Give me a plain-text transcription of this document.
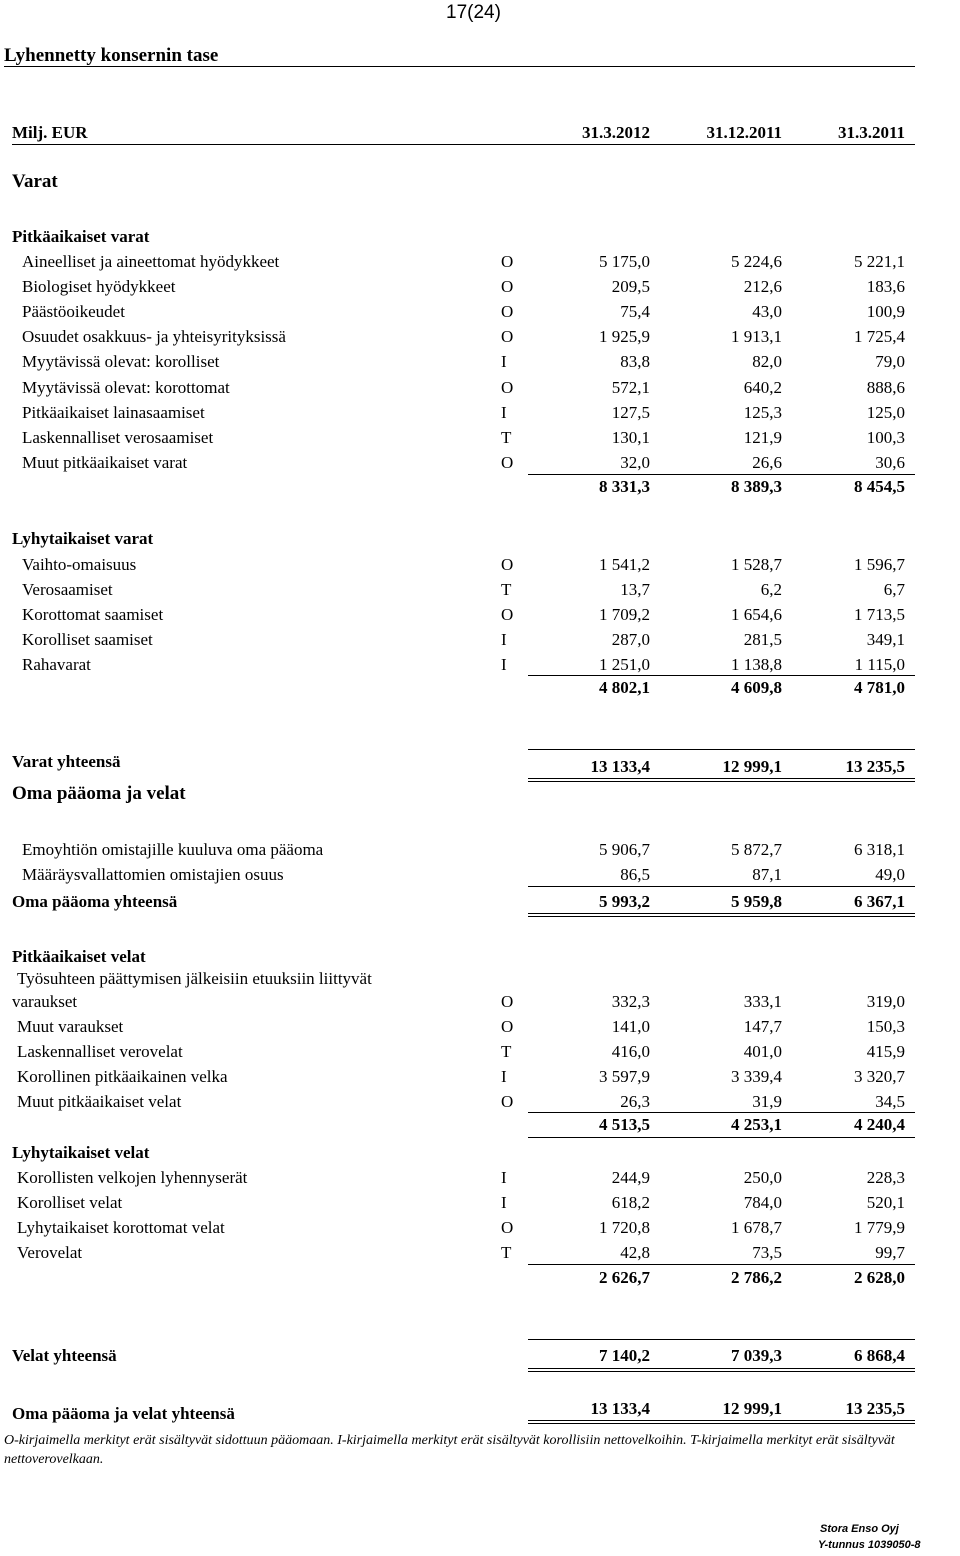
17(24)
Lyhennetty konsernin tase
Milj. EUR	31.3.2012	31.12.2011	31.3.2011
Varat
Pitkäaikaiset varat
Aineelliset ja aineettomat hyödykkeet	O	5 175,0	5 224,6	5 221,1
Biologiset hyödykkeet	O	209,5	212,6	183,6
Päästöoikeudet	O	75,4	43,0	100,9
Osuudet osakkuus- ja yhteisyrityksissä	O	1 925,9	1 913,1	1 725,4
Myytävissä olevat: korolliset	I	83,8	82,0	79,0
Myytävissä olevat: korottomat	O	572,1	640,2	888,6
Pitkäaikaiset lainasaamiset	I	127,5	125,3	125,0
Laskennalliset verosaamiset	T	130,1	121,9	100,3
Muut pitkäaikaiset varat	O	32,0	26,6	30,6
8 331,3	8 389,3	8 454,5
Lyhytaikaiset varat
Vaihto-omaisuus	O	1 541,2	1 528,7	1 596,7
Verosaamiset	T	13,7	6,2	6,7
Korottomat saamiset	O	1 709,2	1 654,6	1 713,5
Korolliset saamiset	I	287,0	281,5	349,1
Rahavarat	I	1 251,0	1 138,8	1 115,0
4 802,1	4 609,8	4 781,0
Varat yhteensä	13 133,4	12 999,1	13 235,5
Oma pääoma ja velat
Emoyhtiön omistajille kuuluva oma pääoma	5 906,7	5 872,7	6 318,1
Määräysvallattomien omistajien osuus	86,5	87,1	49,0
Oma pääoma yhteensä	5 993,2	5 959,8	6 367,1
Pitkäaikaiset velat
Työsuhteen päättymisen jälkeisiin etuuksiin liittyvät
varaukset	O	332,3	333,1	319,0
Muut varaukset	O	141,0	147,7	150,3
Laskennalliset verovelat	T	416,0	401,0	415,9
Korollinen pitkäaikainen velka	I	3 597,9	3 339,4	3 320,7
Muut pitkäaikaiset velat	O	26,3	31,9	34,5
4 513,5	4 253,1	4 240,4
Lyhytaikaiset velat
Korollisten velkojen lyhennyserät	I	244,9	250,0	228,3
Korolliset velat	I	618,2	784,0	520,1
Lyhytaikaiset korottomat velat	O	1 720,8	1 678,7	1 779,9
Verovelat	T	42,8	73,5	99,7
2 626,7	2 786,2	2 628,0
Velat yhteensä	7 140,2	7 039,3	6 868,4
Oma pääoma ja velat yhteensä	13 133,4	12 999,1	13 235,5
O-kirjaimella merkityt erät sisältyvät sidottuun pääomaan. I-kirjaimella merkityt erät sisältyvät korollisiin nettovelkoihin. T-kirjaimella merkityt erät sisältyvät nettoverovelkaan.
Stora Enso Oyj
Y-tunnus 1039050-8
